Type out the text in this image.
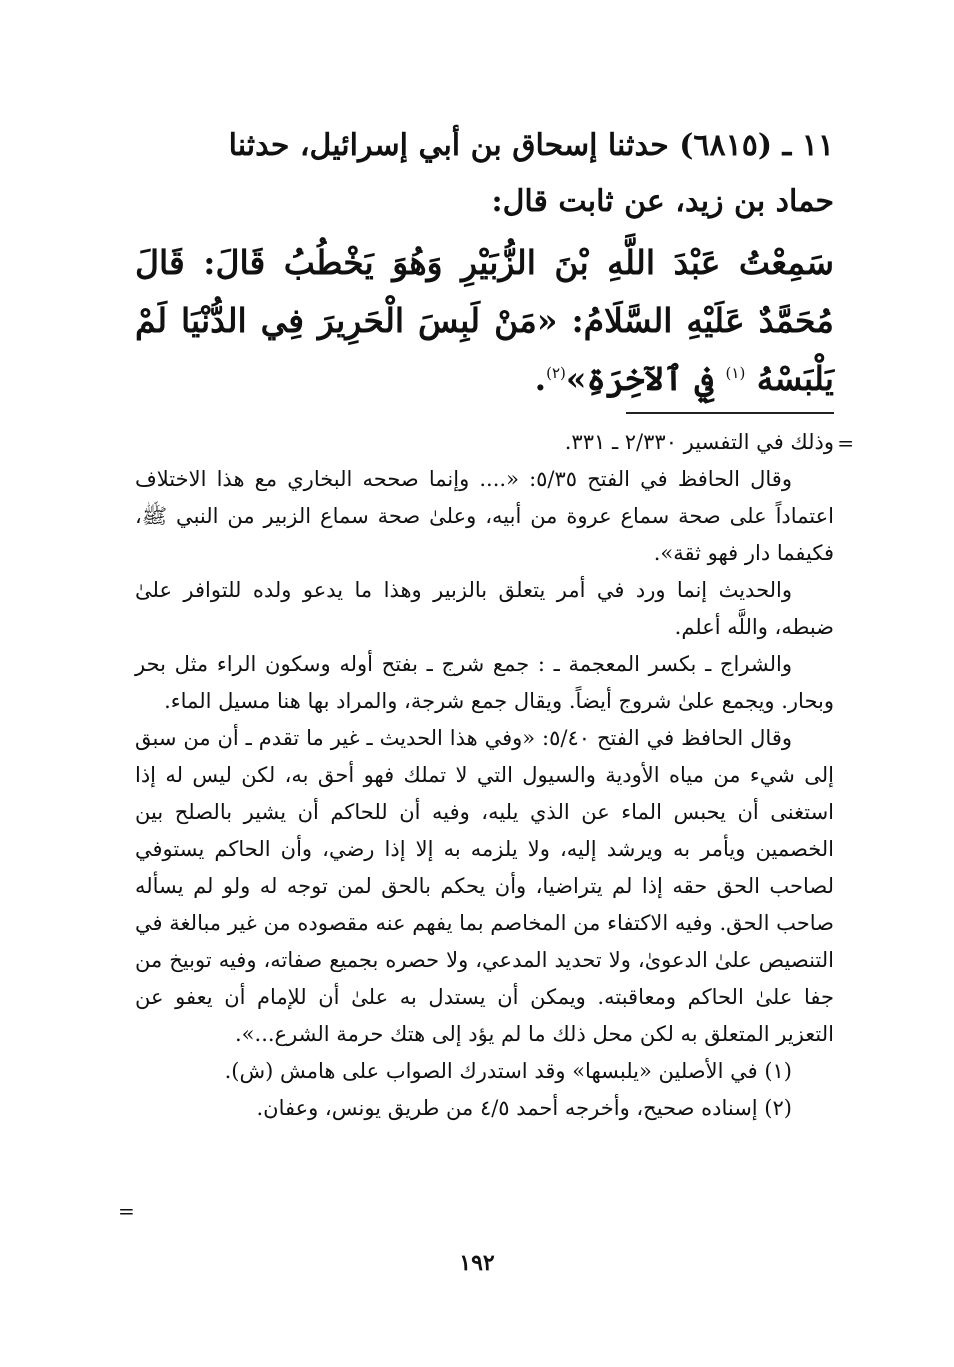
١١ ـ (٦٨١٥) حدثنا إسحاق بن أبي إسرائيل، حدثنا
حماد بن زيد، عن ثابت قال:
سَمِعْتُ عَبْدَ اللَّهِ بْنَ الزُّبَيْرِ وَهُوَ يَخْطُبُ قَالَ: قَالَ مُحَمَّدٌ عَلَيْهِ السَّلَامُ: «مَنْ لَبِسَ الْحَرِيرَ فِي الدُّنْيَا لَمْ يَلْبَسْهُ $^{(١)}$ فِي ٱلآخِرَةِ»$^{(٢)}$.
=

وذلك في التفسير ٢/٣٣٠ ـ ٣٣١.

وقال الحافظ في الفتح ٥/٣٥: «.... وإنما صححه البخاري مع هذا الاختلاف اعتماداً على صحة سماع عروة من أبيه، وعلىٰ صحة سماع الزبير من النبي ﷺ، فكيفما دار فهو ثقة».

والحديث إنما ورد في أمر يتعلق بالزبير وهذا ما يدعو ولده للتوافر علىٰ ضبطه، واللَّه أعلم.

والشراج ـ بكسر المعجمة ـ : جمع شرج ـ بفتح أوله وسكون الراء مثل بحر وبحار. ويجمع علىٰ شروج أيضاً. ويقال جمع شرجة، والمراد بها هنا مسيل الماء.

وقال الحافظ في الفتح ٥/٤٠: «وفي هذا الحديث ـ غير ما تقدم ـ أن من سبق إلى شيء من مياه الأودية والسيول التي لا تملك فهو أحق به، لكن ليس له إذا استغنى أن يحبس الماء عن الذي يليه، وفيه أن للحاكم أن يشير بالصلح بين الخصمين ويأمر به ويرشد إليه، ولا يلزمه به إلا إذا رضي، وأن الحاكم يستوفي لصاحب الحق حقه إذا لم يتراضيا، وأن يحكم بالحق لمن توجه له ولو لم يسأله صاحب الحق. وفيه الاكتفاء من المخاصم بما يفهم عنه مقصوده من غير مبالغة في التنصيص علىٰ الدعوىٰ، ولا تحديد المدعي، ولا حصره بجميع صفاته، وفيه توبيخ من جفا علىٰ الحاكم ومعاقبته. ويمكن أن يستدل به علىٰ أن للإمام أن يعفو عن التعزير المتعلق به لكن محل ذلك ما لم يؤد إلى هتك حرمة الشرع...».

(١) في الأصلين «يلبسها» وقد استدرك الصواب على هامش (ش).

(٢) إسناده صحيح، وأخرجه أحمد ٤/٥ من طريق يونس، وعفان.

=
١٩٢
